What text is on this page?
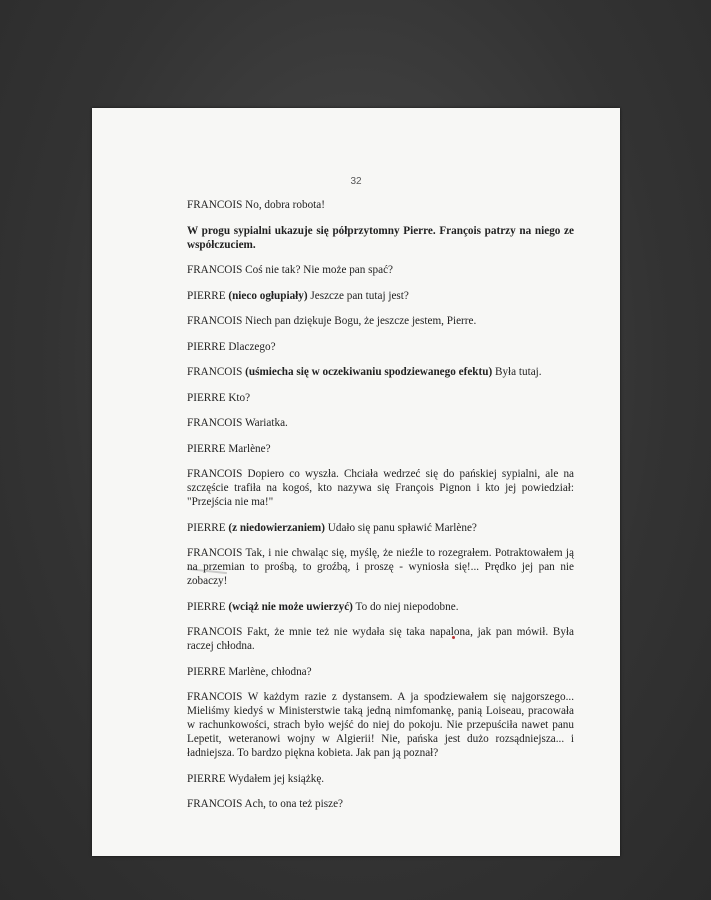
32

FRANCOIS No, dobra robota!

W progu sypialni ukazuje się półprzytomny Pierre. François patrzy na niego ze współczuciem.

FRANCOIS Coś nie tak? Nie może pan spać?

PIERRE (nieco ogłupiały) Jeszcze pan tutaj jest?

FRANCOIS Niech pan dziękuje Bogu, że jeszcze jestem, Pierre.

PIERRE Dlaczego?

FRANCOIS (uśmiecha się w oczekiwaniu spodziewanego efektu) Była tutaj.

PIERRE Kto?

FRANCOIS Wariatka.

PIERRE Marlène?

FRANCOIS Dopiero co wyszła. Chciała wedrzeć się do pańskiej sypialni, ale na szczęście trafiła na kogoś, kto nazywa się François Pignon i kto jej powiedział: "Przejścia nie ma!"

PIERRE (z niedowierzaniem) Udało się panu spławić Marlène?

FRANCOIS Tak, i nie chwaląc się, myślę, że nieźle to rozegrałem. Potraktowałem ją na przemian to prośbą, to groźbą, i proszę - wyniosła się!... Prędko jej pan nie zobaczy!

PIERRE (wciąż nie może uwierzyć) To do niej niepodobne.

FRANCOIS Fakt, że mnie też nie wydała się taka napalona, jak pan mówił. Była raczej chłodna.

PIERRE Marlène, chłodna?

FRANCOIS W każdym razie z dystansem. A ja spodziewałem się najgorszego... Mieliśmy kiedyś w Ministerstwie taką jedną nimfomankę, panią Loiseau, pracowała w rachunkowości, strach było wejść do niej do pokoju. Nie przepuściła nawet panu Lepetit, weteranowi wojny w Algierii! Nie, pańska jest dużo rozsądniejsza... i ładniejsza. To bardzo piękna kobieta. Jak pan ją poznał?

PIERRE Wydałem jej książkę.

FRANCOIS Ach, to ona też pisze?
